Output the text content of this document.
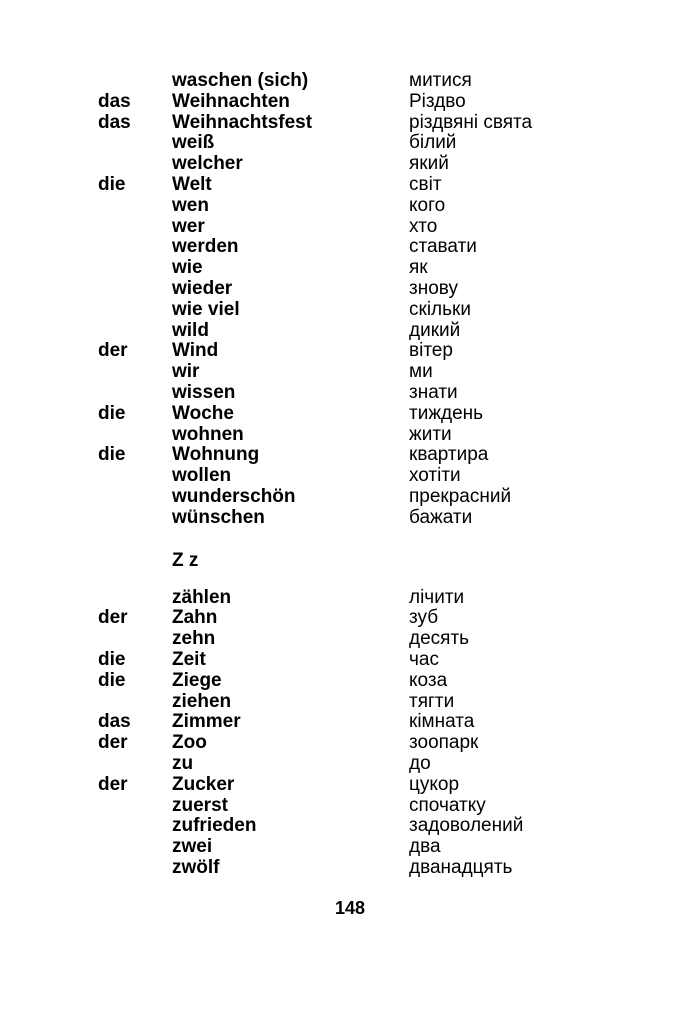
waschen (sich)	митися
das Weihnachten	Різдво
das Weihnachtsfest	різдвяні свята
weiß	білий
welcher	який
die Welt	світ
wen	кого
wer	хто
werden	ставати
wie	як
wieder	знову
wie viel	скільки
wild	дикий
der Wind	вітер
wir	ми
wissen	знати
die Woche	тиждень
wohnen	жити
die Wohnung	квартира
wollen	хотіти
wunderschön	прекрасний
wünschen	бажати
Z z
zählen	лічити
der Zahn	зуб
zehn	десять
die Zeit	час
die Ziege	коза
ziehen	тягти
das Zimmer	кімната
der Zoo	зоопарк
zu	до
der Zucker	цукор
zuerst	спочатку
zufrieden	задоволений
zwei	два
zwölf	дванадцять
148
